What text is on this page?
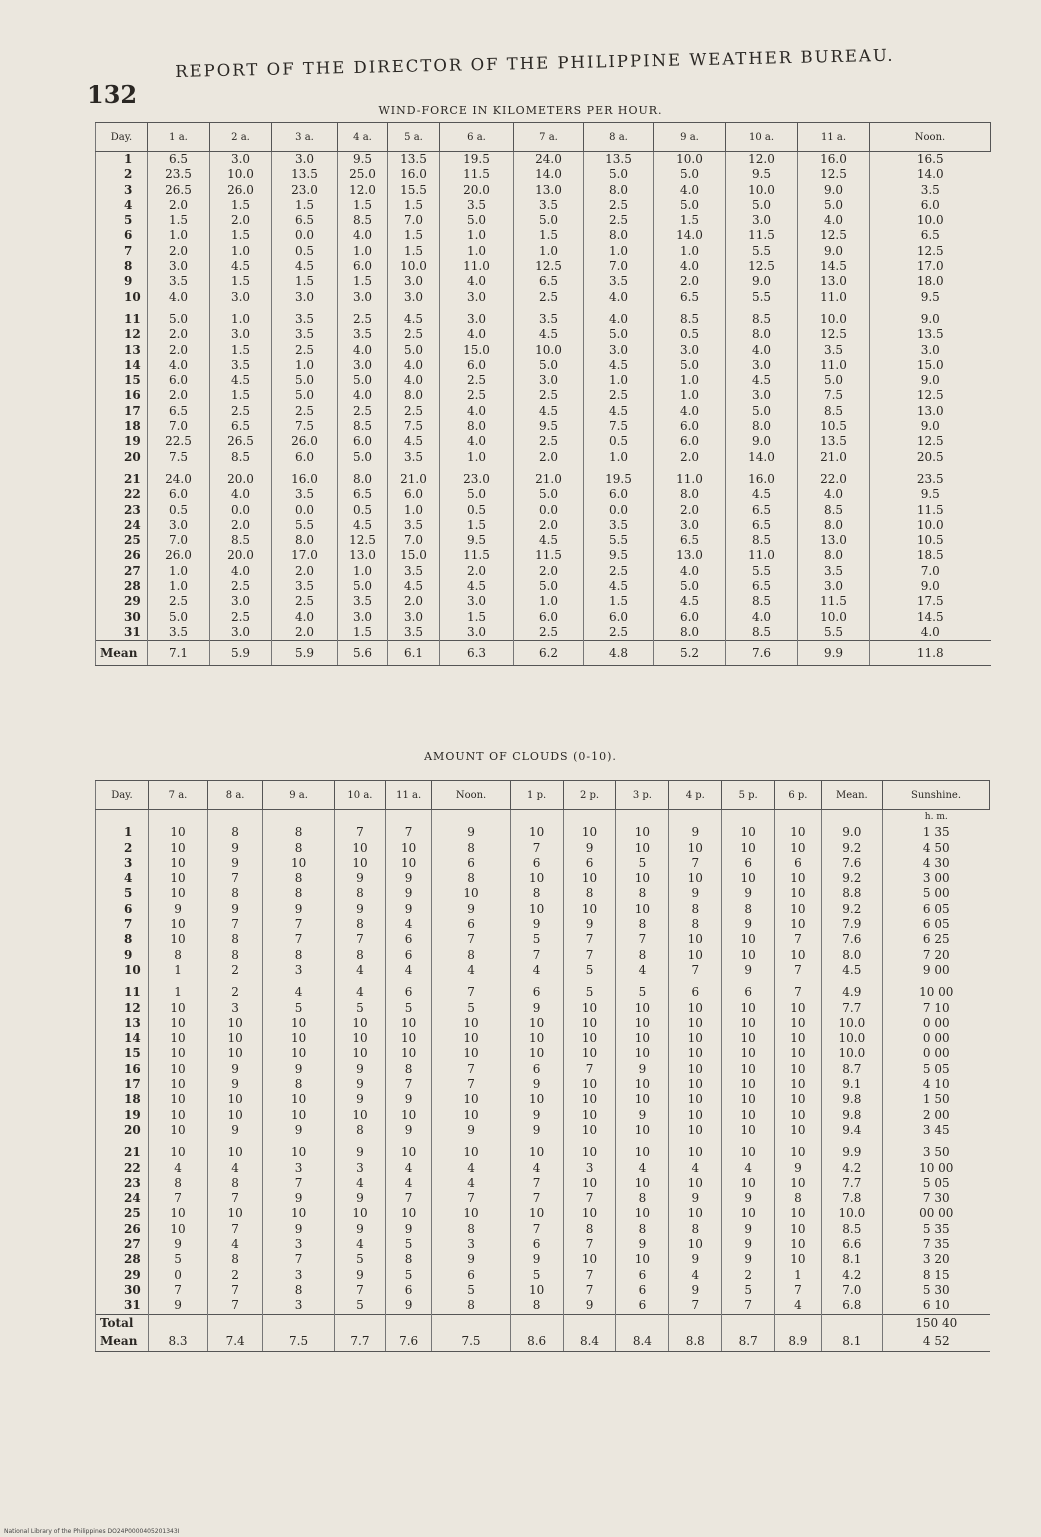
132
REPORT OF THE DIRECTOR OF THE PHILIPPINE WEATHER BUREAU.
WIND-FORCE IN KILOMETERS PER HOUR.
Day.	1 a.	2 a.	3 a.	4 a.	5 a.	6 a.	7 a.	8 a.	9 a.	10 a.	11 a.	Noon.
1	6.5	3.0	3.0	9.5	13.5	19.5	24.0	13.5	10.0	12.0	16.0	16.5
2	23.5	10.0	13.5	25.0	16.0	11.5	14.0	5.0	5.0	9.5	12.5	14.0
3	26.5	26.0	23.0	12.0	15.5	20.0	13.0	8.0	4.0	10.0	9.0	3.5
4	2.0	1.5	1.5	1.5	1.5	3.5	3.5	2.5	5.0	5.0	5.0	6.0
5	1.5	2.0	6.5	8.5	7.0	5.0	5.0	2.5	1.5	3.0	4.0	10.0
6	1.0	1.5	0.0	4.0	1.5	1.0	1.5	8.0	14.0	11.5	12.5	6.5
7	2.0	1.0	0.5	1.0	1.5	1.0	1.0	1.0	1.0	5.5	9.0	12.5
8	3.0	4.5	4.5	6.0	10.0	11.0	12.5	7.0	4.0	12.5	14.5	17.0
9	3.5	1.5	1.5	1.5	3.0	4.0	6.5	3.5	2.0	9.0	13.0	18.0
10	4.0	3.0	3.0	3.0	3.0	3.0	2.5	4.0	6.5	5.5	11.0	9.5

11	5.0	1.0	3.5	2.5	4.5	3.0	3.5	4.0	8.5	8.5	10.0	9.0
12	2.0	3.0	3.5	3.5	2.5	4.0	4.5	5.0	0.5	8.0	12.5	13.5
13	2.0	1.5	2.5	4.0	5.0	15.0	10.0	3.0	3.0	4.0	3.5	3.0
14	4.0	3.5	1.0	3.0	4.0	6.0	5.0	4.5	5.0	3.0	11.0	15.0
15	6.0	4.5	5.0	5.0	4.0	2.5	3.0	1.0	1.0	4.5	5.0	9.0
16	2.0	1.5	5.0	4.0	8.0	2.5	2.5	2.5	1.0	3.0	7.5	12.5
17	6.5	2.5	2.5	2.5	2.5	4.0	4.5	4.5	4.0	5.0	8.5	13.0
18	7.0	6.5	7.5	8.5	7.5	8.0	9.5	7.5	6.0	8.0	10.5	9.0
19	22.5	26.5	26.0	6.0	4.5	4.0	2.5	0.5	6.0	9.0	13.5	12.5
20	7.5	8.5	6.0	5.0	3.5	1.0	2.0	1.0	2.0	14.0	21.0	20.5

21	24.0	20.0	16.0	8.0	21.0	23.0	21.0	19.5	11.0	16.0	22.0	23.5
22	6.0	4.0	3.5	6.5	6.0	5.0	5.0	6.0	8.0	4.5	4.0	9.5
23	0.5	0.0	0.0	0.5	1.0	0.5	0.0	0.0	2.0	6.5	8.5	11.5
24	3.0	2.0	5.5	4.5	3.5	1.5	2.0	3.5	3.0	6.5	8.0	10.0
25	7.0	8.5	8.0	12.5	7.0	9.5	4.5	5.5	6.5	8.5	13.0	10.5
26	26.0	20.0	17.0	13.0	15.0	11.5	11.5	9.5	13.0	11.0	8.0	18.5
27	1.0	4.0	2.0	1.0	3.5	2.0	2.0	2.5	4.0	5.5	3.5	7.0
28	1.0	2.5	3.5	5.0	4.5	4.5	5.0	4.5	5.0	6.5	3.0	9.0
29	2.5	3.0	2.5	3.5	2.0	3.0	1.0	1.5	4.5	8.5	11.5	17.5
30	5.0	2.5	4.0	3.0	3.0	1.5	6.0	6.0	6.0	4.0	10.0	14.5
31	3.5	3.0	2.0	1.5	3.5	3.0	2.5	2.5	8.0	8.5	5.5	4.0
Mean	7.1	5.9	5.9	5.6	6.1	6.3	6.2	4.8	5.2	7.6	9.9	11.8
AMOUNT OF CLOUDS (0-10).
Day.	7 a.	8 a.	9 a.	10 a.	11 a.	Noon.	1 p.	2 p.	3 p.	4 p.	5 p.	6 p.	Mean.	Sunshine.
														h. m.
1	10	8	8	7	7	9	10	10	10	9	10	10	9.0	1 35
2	10	9	8	10	10	8	7	9	10	10	10	10	9.2	4 50
3	10	9	10	10	10	6	6	6	5	7	6	6	7.6	4 30
4	10	7	8	9	9	8	10	10	10	10	10	10	9.2	3 00
5	10	8	8	8	9	10	8	8	8	9	9	10	8.8	5 00
6	9	9	9	9	9	9	10	10	10	8	8	10	9.2	6 05
7	10	7	7	8	4	6	9	9	8	8	9	10	7.9	6 05
8	10	8	7	7	6	7	5	7	7	10	10	7	7.6	6 25
9	8	8	8	8	6	8	7	7	8	10	10	10	8.0	7 20
10	1	2	3	4	4	4	4	5	4	7	9	7	4.5	9 00

11	1	2	4	4	6	7	6	5	5	6	6	7	4.9	10 00
12	10	3	5	5	5	5	9	10	10	10	10	10	7.7	7 10
13	10	10	10	10	10	10	10	10	10	10	10	10	10.0	0 00
14	10	10	10	10	10	10	10	10	10	10	10	10	10.0	0 00
15	10	10	10	10	10	10	10	10	10	10	10	10	10.0	0 00
16	10	9	9	9	8	7	6	7	9	10	10	10	8.7	5 05
17	10	9	8	9	7	7	9	10	10	10	10	10	9.1	4 10
18	10	10	10	9	9	10	10	10	10	10	10	10	9.8	1 50
19	10	10	10	10	10	10	9	10	9	10	10	10	9.8	2 00
20	10	9	9	8	9	9	9	10	10	10	10	10	9.4	3 45

21	10	10	10	9	10	10	10	10	10	10	10	10	9.9	3 50
22	4	4	3	3	4	4	4	3	4	4	4	9	4.2	10 00
23	8	8	7	4	4	4	7	10	10	10	10	10	7.7	5 05
24	7	7	9	9	7	7	7	7	8	9	9	8	7.8	7 30
25	10	10	10	10	10	10	10	10	10	10	10	10	10.0	00 00
26	10	7	9	9	9	8	7	8	8	8	9	10	8.5	5 35
27	9	4	3	4	5	3	6	7	9	10	9	10	6.6	7 35
28	5	8	7	5	8	9	9	10	10	9	9	10	8.1	3 20
29	0	2	3	9	5	6	5	7	6	4	2	1	4.2	8 15
30	7	7	8	7	6	5	10	7	6	9	5	7	7.0	5 30
31	9	7	3	5	9	8	8	9	6	7	7	4	6.8	6 10
Total														150 40
Mean	8.3	7.4	7.5	7.7	7.6	7.5	8.6	8.4	8.4	8.8	8.7	8.9	8.1	4 52
National Library of the Philippines DO24P0000405201343I
